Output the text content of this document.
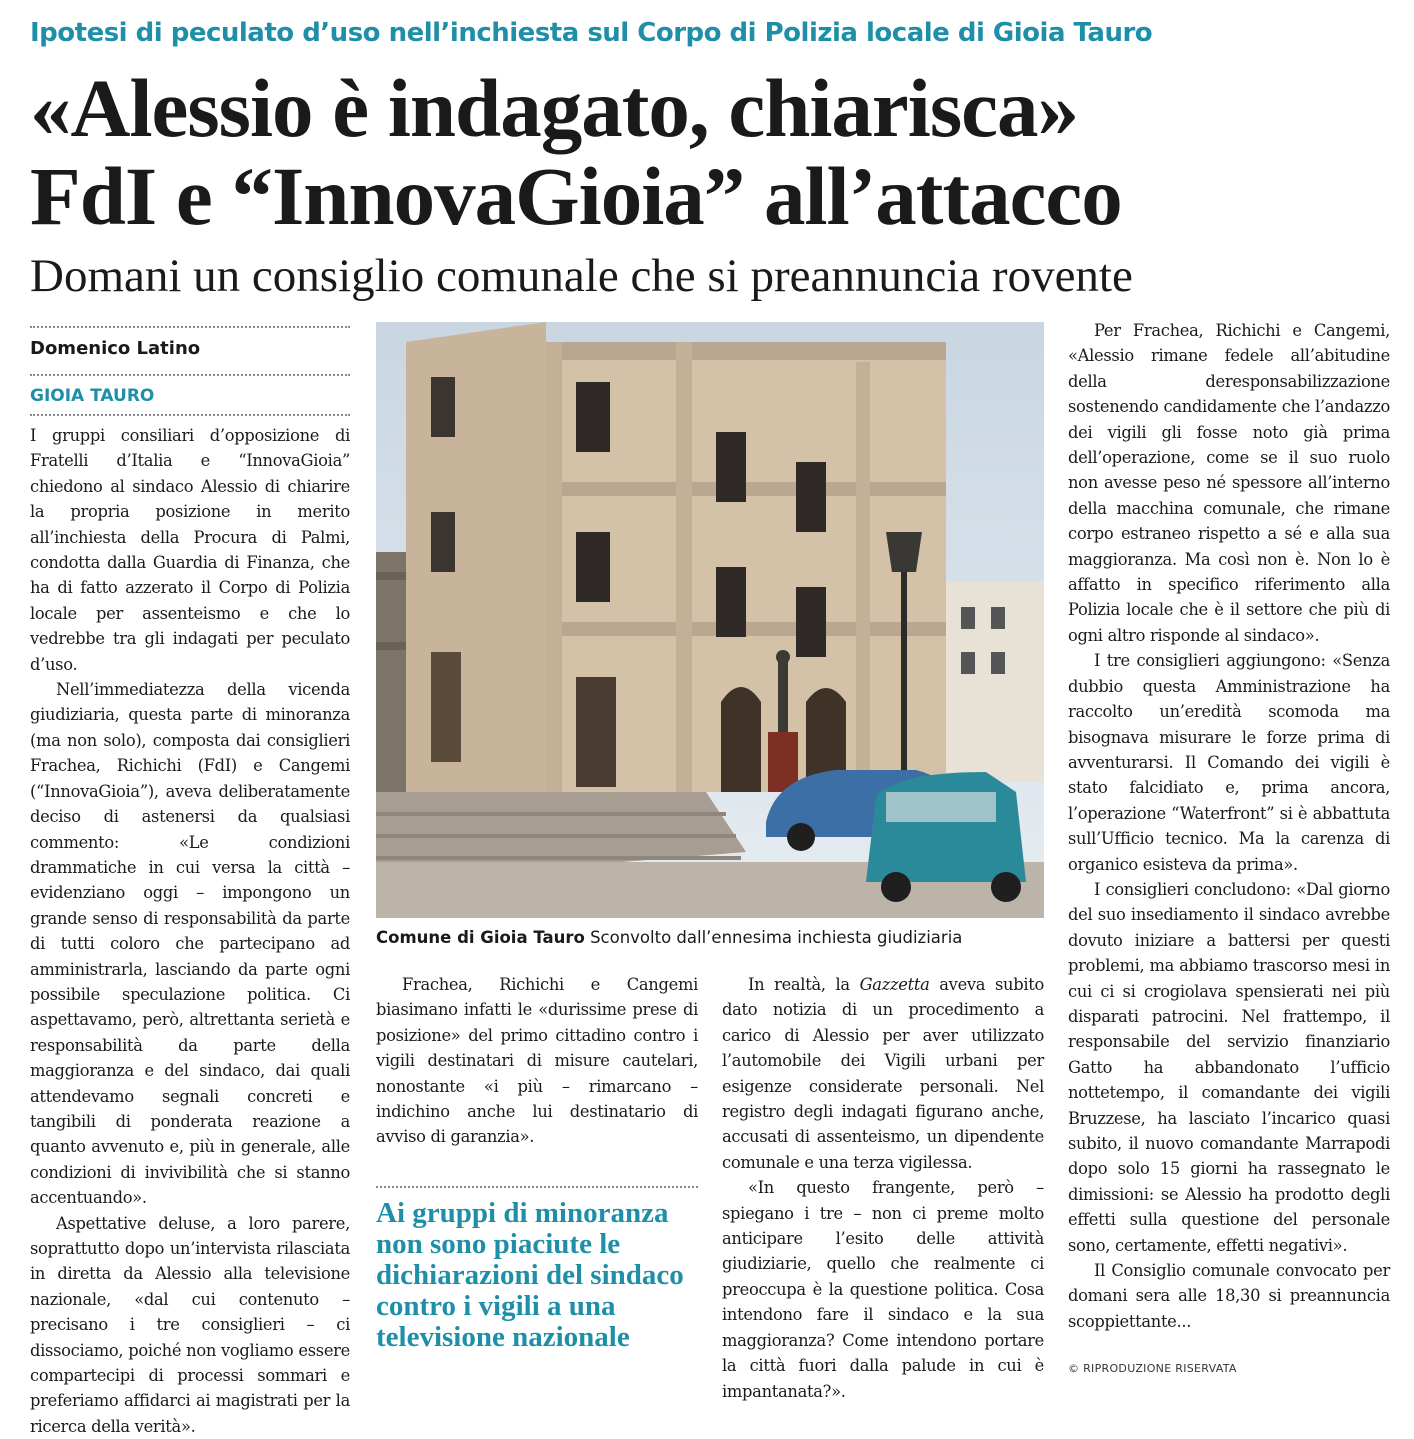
Ipotesi di peculato d’uso nell’inchiesta sul Corpo di Polizia locale di Gioia Tauro
«Alessio è indagato, chiarisca»
FdI e “InnovaGioia” all’attacco
Domani un consiglio comunale che si preannuncia rovente
Domenico Latino
GIOIA TAURO

I gruppi consiliari d’opposizione di Fratelli d’Italia e “InnovaGioia” chiedono al sindaco Alessio di chiarire la propria posizione in merito all’inchiesta della Procura di Palmi, condotta dalla Guardia di Finanza, che ha di fatto azzerato il Corpo di Polizia locale per assenteismo e che lo vedrebbe tra gli indagati per peculato d’uso.

Nell’immediatezza della vicenda giudiziaria, questa parte di minoranza (ma non solo), composta dai consiglieri Frachea, Richichi (FdI) e Cangemi (“InnovaGioia”), aveva deliberatamente deciso di astenersi da qualsiasi commento: «Le condizioni drammatiche in cui versa la città – evidenziano oggi – impongono un grande senso di responsabilità da parte di tutti coloro che partecipano ad amministrarla, lasciando da parte ogni possibile speculazione politica. Ci aspettavamo, però, altrettanta serietà e responsabilità da parte della maggioranza e del sindaco, dai quali attendevamo segnali concreti e tangibili di ponderata reazione a quanto avvenuto e, più in generale, alle condizioni di invivibilità che si stanno accentuando».

Aspettative deluse, a loro parere, soprattutto dopo un’intervista rilasciata in diretta da Alessio alla televisione nazionale, «dal cui contenuto – precisano i tre consiglieri – ci dissociamo, poiché non vogliamo essere compartecipi di processi sommari e preferiamo affidarci ai magistrati per la ricerca della verità».

Comune di Gioia Tauro Sconvolto dall’ennesima inchiesta giudiziaria

Frachea, Richichi e Cangemi biasimano infatti le «durissime prese di posizione» del primo cittadino contro i vigili destinatari di misure cautelari, nonostante «i più – rimarcano – indichino anche lui destinatario di avviso di garanzia».

Ai gruppi di minoranza non sono piaciute le dichiarazioni del sindaco contro i vigili a una televisione nazionale

In realtà, la Gazzetta aveva subito dato notizia di un procedimento a carico di Alessio per aver utilizzato l’automobile dei Vigili urbani per esigenze considerate personali. Nel registro degli indagati figurano anche, accusati di assenteismo, un dipendente comunale e una terza vigilessa.

«In questo frangente, però – spiegano i tre – non ci preme molto anticipare l’esito delle attività giudiziarie, quello che realmente ci preoccupa è la questione politica. Cosa intendono fare il sindaco e la sua maggioranza? Come intendono portare la città fuori dalla palude in cui è impantanata?».

Per Frachea, Richichi e Cangemi, «Alessio rimane fedele all’abitudine della deresponsabilizzazione sostenendo candidamente che l’andazzo dei vigili gli fosse noto già prima dell’operazione, come se il suo ruolo non avesse peso né spessore all’interno della macchina comunale, che rimane corpo estraneo rispetto a sé e alla sua maggioranza. Ma così non è. Non lo è affatto in specifico riferimento alla Polizia locale che è il settore che più di ogni altro risponde al sindaco».

I tre consiglieri aggiungono: «Senza dubbio questa Amministrazione ha raccolto un’eredità scomoda ma bisognava misurare le forze prima di avventurarsi. Il Comando dei vigili è stato falcidiato e, prima ancora, l’operazione “Waterfront” si è abbattuta sull’Ufficio tecnico. Ma la carenza di organico esisteva da prima».

I consiglieri concludono: «Dal giorno del suo insediamento il sindaco avrebbe dovuto iniziare a battersi per questi problemi, ma abbiamo trascorso mesi in cui ci si crogiolava spensierati nei più disparati patrocini. Nel frattempo, il responsabile del servizio finanziario Gatto ha abbandonato l’ufficio nottetempo, il comandante dei vigili Bruzzese, ha lasciato l’incarico quasi subito, il nuovo comandante Marrapodi dopo solo 15 giorni ha rassegnato le dimissioni: se Alessio ha prodotto degli effetti sulla questione del personale sono, certamente, effetti negativi».

Il Consiglio comunale convocato per domani sera alle 18,30 si preannuncia scoppiettante...

© RIPRODUZIONE RISERVATA
